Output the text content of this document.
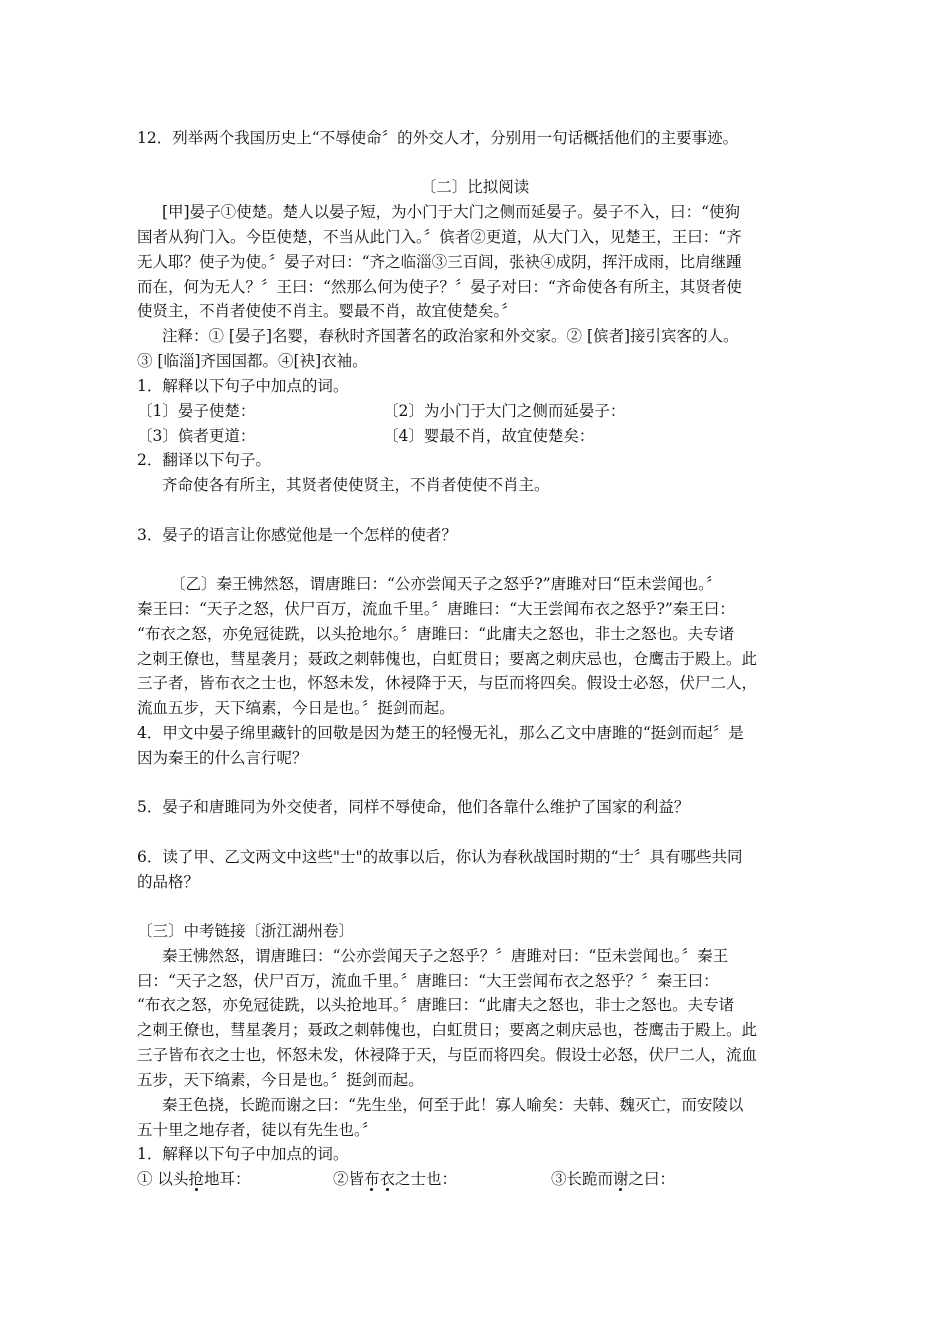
12．列举两个我国历史上“不辱使命〞的外交人才，分别用一句话概括他们的主要事迹。
〔二〕比拟阅读
[甲]晏子①使楚。楚人以晏子短，为小门于大门之侧而延晏子。晏子不入，曰：“使狗
国者从狗门入。今臣使楚，不当从此门入。〞傧者②更道，从大门入，见楚王，王曰：“齐
无人耶？使子为使。〞晏子对曰：“齐之临淄③三百闾，张袂④成阴，挥汗成雨，比肩继踵
而在，何为无人？〞王曰：“然那么何为使子？〞晏子对曰：“齐命使各有所主，其贤者使
使贤主，不肖者使使不肖主。婴最不肖，故宜使楚矣。〞
注释：① [晏子]名婴，春秋时齐国著名的政治家和外交家。② [傧者]接引宾客的人。
③ [临淄]齐国国都。④[袂]衣袖。
1．解释以下句子中加点的词。
〔1〕晏子使楚：	〔2〕为小门于大门之侧而延晏子：
〔3〕傧者更道：	〔4〕婴最不肖，故宜使楚矣：
2．翻译以下句子。
齐命使各有所主，其贤者使使贤主，不肖者使使不肖主。
3．晏子的语言让你感觉他是一个怎样的使者？
〔乙〕秦王怫然怒，谓唐雎曰：“公亦尝闻天子之怒乎?”唐雎对曰“臣未尝闻也。〞
秦王曰：“天子之怒，伏尸百万，流血千里。〞唐雎曰：“大王尝闻布衣之怒乎?”秦王曰：
“布衣之怒，亦免冠徒跣，以头抢地尔。〞唐雎曰：“此庸夫之怒也，非士之怒也。夫专诸
之刺王僚也，彗星袭月；聂政之刺韩傀也，白虹贯日；要离之刺庆忌也，仓鹰击于殿上。此
三子者，皆布衣之士也，怀怒未发，休祲降于天，与臣而将四矣。假设士必怒，伏尸二人，
流血五步，天下缟素，今日是也。〞挺剑而起。
4．甲文中晏子绵里藏针的回敬是因为楚王的轻慢无礼，那么乙文中唐雎的“挺剑而起〞是
因为秦王的什么言行呢？
5．晏子和唐雎同为外交使者，同样不辱使命，他们各靠什么维护了国家的利益？
6．读了甲、乙文两文中这些"士"的故事以后，你认为春秋战国时期的“士〞具有哪些共同
的品格？
〔三〕中考链接〔浙江湖州卷〕
秦王怫然怒，谓唐雎曰：“公亦尝闻天子之怒乎？〞唐雎对曰：“臣未尝闻也。〞秦王
曰：“天子之怒，伏尸百万，流血千里。〞唐雎曰：“大王尝闻布衣之怒乎？〞秦王曰：
“布衣之怒，亦免冠徒跣，以头抢地耳。〞唐雎曰：“此庸夫之怒也，非士之怒也。夫专诸
之刺王僚也，彗星袭月；聂政之刺韩傀也，白虹贯日；要离之刺庆忌也，苍鹰击于殿上。此
三子皆布衣之士也，怀怒未发，休祲降于天，与臣而将四矣。假设士必怒，伏尸二人，流血
五步，天下缟素，今日是也。〞挺剑而起。
秦王色挠，长跪而谢之曰：“先生坐，何至于此！寡人喻矣：夫韩、魏灭亡，而安陵以
五十里之地存者，徒以有先生也。〞
1．解释以下句子中加点的词。
① 以头抢地耳：	②皆布衣之士也：	③长跪而谢之曰：
